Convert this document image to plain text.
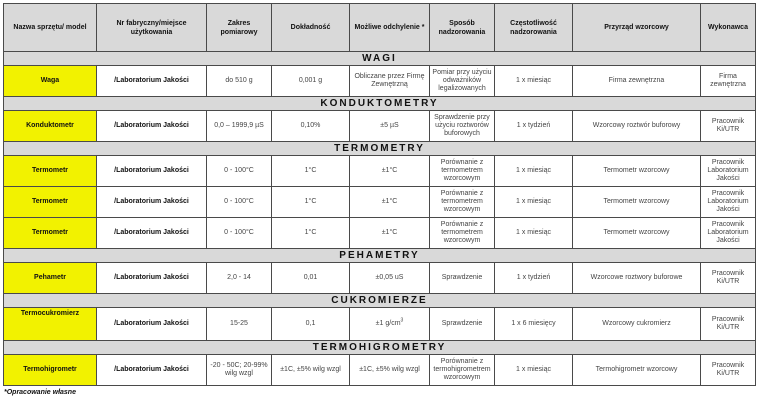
Nazwa sprzętu/ model	Nr fabryczny/miejsce użytkowania	Zakres pomiarowy	Dokładność	Możliwe odchylenie *	Sposób nadzorowania	Częstotliwość nadzorowania	Przyrząd wzorcowy	Wykonawca
WAGI								
Waga	/Laboratorium Jakości	do 510 g	0,001 g	Obliczane przez Firmę Zewnętrzną	Pomiar przy użyciu odważników legalizowanych	1 x miesiąc	Firma zewnętrzna	Firma zewnętrzna
KONDUKTOMETRY								
Konduktometr	/Laboratorium Jakości	0,0 – 1999,9 µS	0,10%	±5 µS	Sprawdzenie przy użyciu roztworów buforowych	1 x tydzień	Wzorcowy roztwór buforowy	Pracownik Ki/UTR
TERMOMETRY								
Termometr	/Laboratorium Jakości	0 - 100°C	1°C	±1°C	Porównanie z termometrem wzorcowym	1 x miesiąc	Termometr wzorcowy	Pracownik Laboratorium Jakości
Termometr	/Laboratorium Jakości	0 - 100°C	1°C	±1°C	Porównanie z termometrem wzorcowym	1 x miesiąc	Termometr wzorcowy	Pracownik Laboratorium Jakości
Termometr	/Laboratorium Jakości	0 - 100°C	1°C	±1°C	Porównanie z termometrem wzorcowym	1 x miesiąc	Termometr wzorcowy	Pracownik Laboratorium Jakości
PEHAMETRY								
Pehametr	/Laboratorium Jakości	2,0 - 14	0,01	±0,05 uS	Sprawdzenie	1 x tydzień	Wzorcowe roztwory buforowe	Pracownik Ki/UTR
CUKROMIERZE								
Termocukromierz	/Laboratorium Jakości	15-25	0,1	±1 $g/cm^3$	Sprawdzenie	1 x 6 miesięcy	Wzorcowy cukromierz	Pracownik Ki/UTR
TERMOHIGROMETRY								
Termohigrometr	/Laboratorium Jakości	-20 - 50C; 20-99% wilg wzgl	±1C, ±5% wilg wzgl	±1C, ±5% wilg wzgl	Porównanie z termohigrometrem wzorcowym	1 x miesiąc	Termohigrometr wzorcowy	Pracownik Ki/UTR
*Opracowanie własne
